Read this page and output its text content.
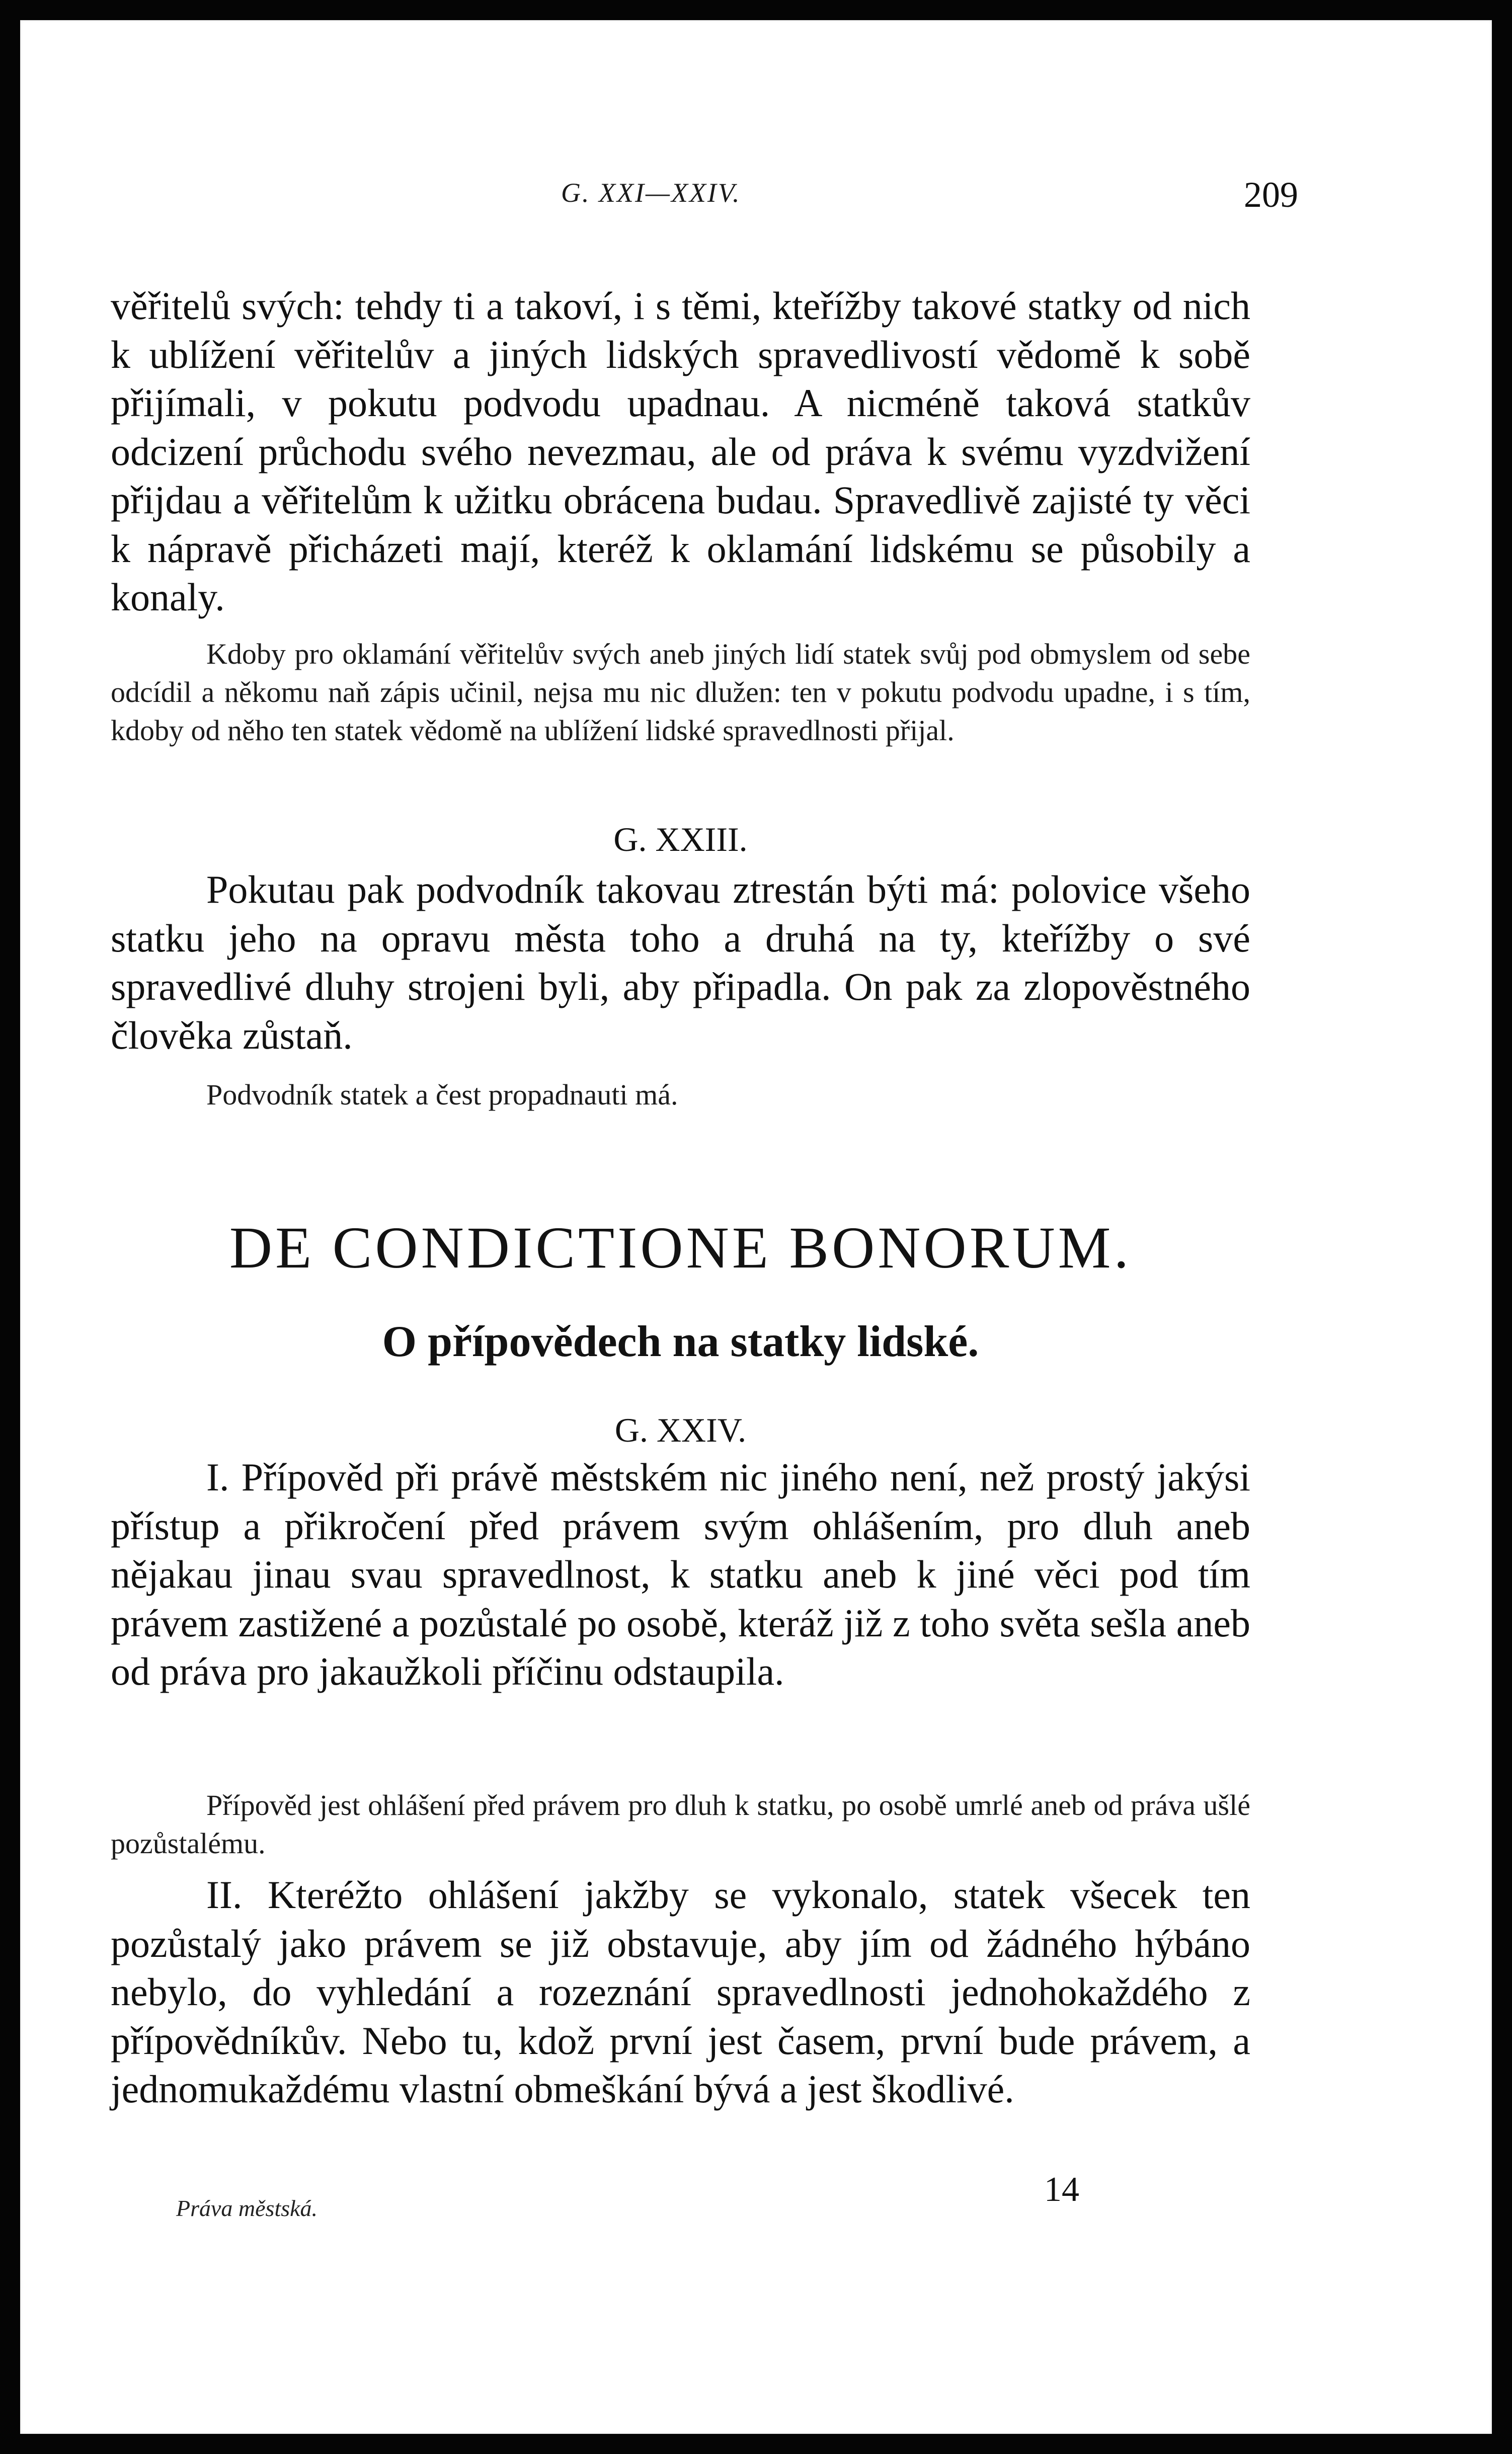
G. XXI—XXIV.	209
věřitelů svých: tehdy ti a takoví, i s těmi, kteřížby takové statky od nich k ublížení věřitelův a jiných lidských spravedlivostí vědomě k sobě přijímali, v pokutu podvodu upadnau. A nicméně taková statkův odcizení průchodu svého nevezmau, ale od práva k svému vyzdvižení přijdau a věřitelům k užitku obrácena budau. Spravedlivě zajisté ty věci k nápravě přicházeti mají, kteréž k oklamání lidskému se působily a konaly.
Kdoby pro oklamání věřitelův svých aneb jiných lidí statek svůj pod obmyslem od sebe odcídil a někomu naň zápis učinil, nejsa mu nic dlužen: ten v pokutu podvodu upadne, i s tím, kdoby od něho ten statek vědomě na ublížení lidské spravedlnosti přijal.
G. XXIII.
Pokutau pak podvodník takovau ztrestán býti má: polovice všeho statku jeho na opravu města toho a druhá na ty, kteřížby o své spravedlivé dluhy strojeni byli, aby připadla. On pak za zlopověstného člověka zůstaň.
Podvodník statek a čest propadnauti má.
DE CONDICTIONE BONORUM.
O přípovědech na statky lidské.
G. XXIV.
I. Přípověd při právě městském nic jiného není, než prostý jakýsi přístup a přikročení před právem svým ohlášením, pro dluh aneb nějakau jinau svau spravedlnost, k statku aneb k jiné věci pod tím právem zastižené a pozůstalé po osobě, kteráž již z toho světa sešla aneb od práva pro jakaužkoli příčinu odstaupila.
Přípověd jest ohlášení před právem pro dluh k statku, po osobě umrlé aneb od práva ušlé pozůstalému.
II. Kteréžto ohlášení jakžby se vykonalo, statek všecek ten pozůstalý jako právem se již obstavuje, aby jím od žádného hýbáno nebylo, do vyhledání a rozeznání spravedlnosti jednohokaždého z přípovědníkův. Nebo tu, kdož první jest časem, první bude právem, a jednomukaždému vlastní obmeškání bývá a jest škodlivé.
Práva městská.	14
